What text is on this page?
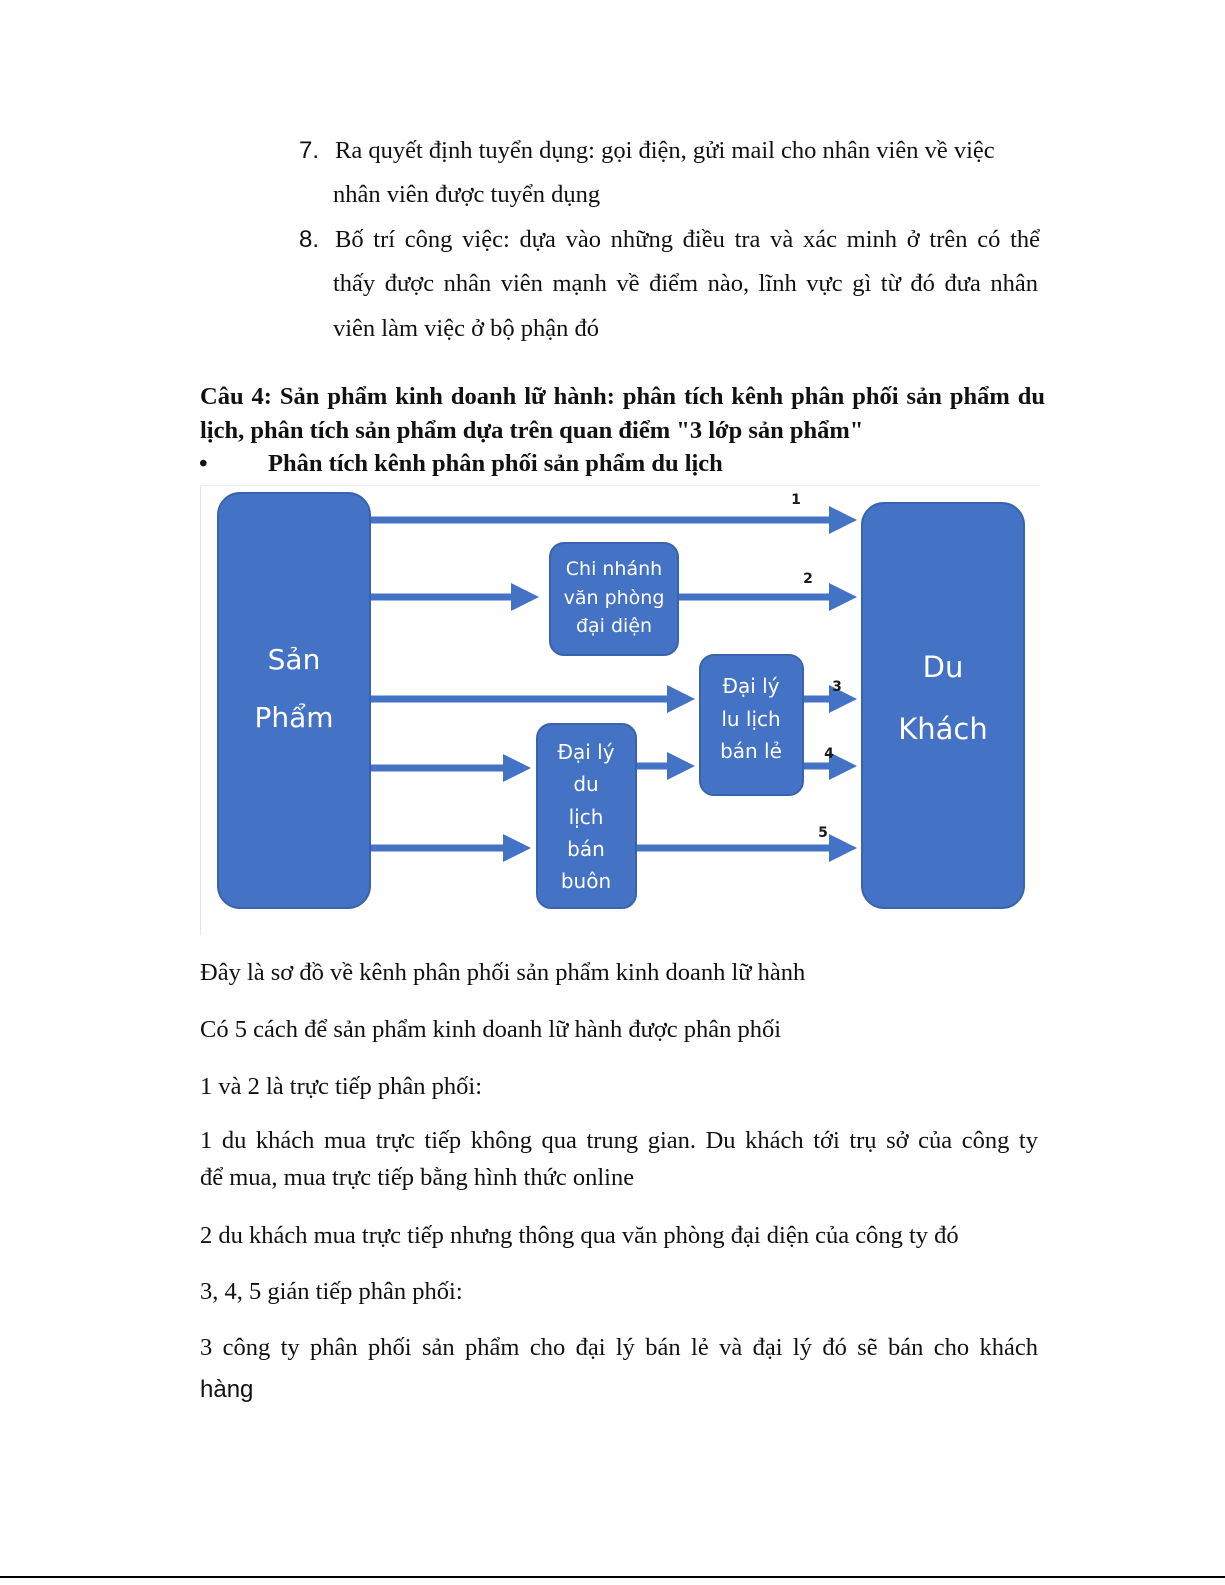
7. Ra quyết định tuyển dụng: gọi điện, gửi mail cho nhân viên về việc
nhân viên được tuyển dụng
8. Bố trí công việc: dựa vào những điều tra và xác minh ở trên có thể
thấy được nhân viên mạnh về điểm nào, lĩnh vực gì từ đó đưa nhân
viên làm việc ở bộ phận đó

Câu 4: Sản phẩm kinh doanh lữ hành: phân tích kênh phân phối sản phẩm du lịch, phân tích sản phẩm dựa trên quan điểm "3 lớp sản phẩm"

• Phân tích kênh phân phối sản phẩm du lịch
Sản
Phẩm
Du
Khách
Chi nhánh
văn phòng
đại diện
Đại lý
lu lịch
bán lẻ
Đại lý
du
lịch
bán
buôn
1
2
3
4
5
Đây là sơ đồ về kênh phân phối sản phẩm kinh doanh lữ hành
Có 5 cách để sản phẩm kinh doanh lữ hành được phân phối
1 và 2 là trực tiếp phân phối:
1 du khách mua trực tiếp không qua trung gian. Du khách tới trụ sở của công ty
để mua, mua trực tiếp bằng hình thức online
2 du khách mua trực tiếp nhưng thông qua văn phòng đại diện của công ty đó
3, 4, 5 gián tiếp phân phối:
3 công ty phân phối sản phẩm cho đại lý bán lẻ và đại lý đó sẽ bán cho khách
hàng
